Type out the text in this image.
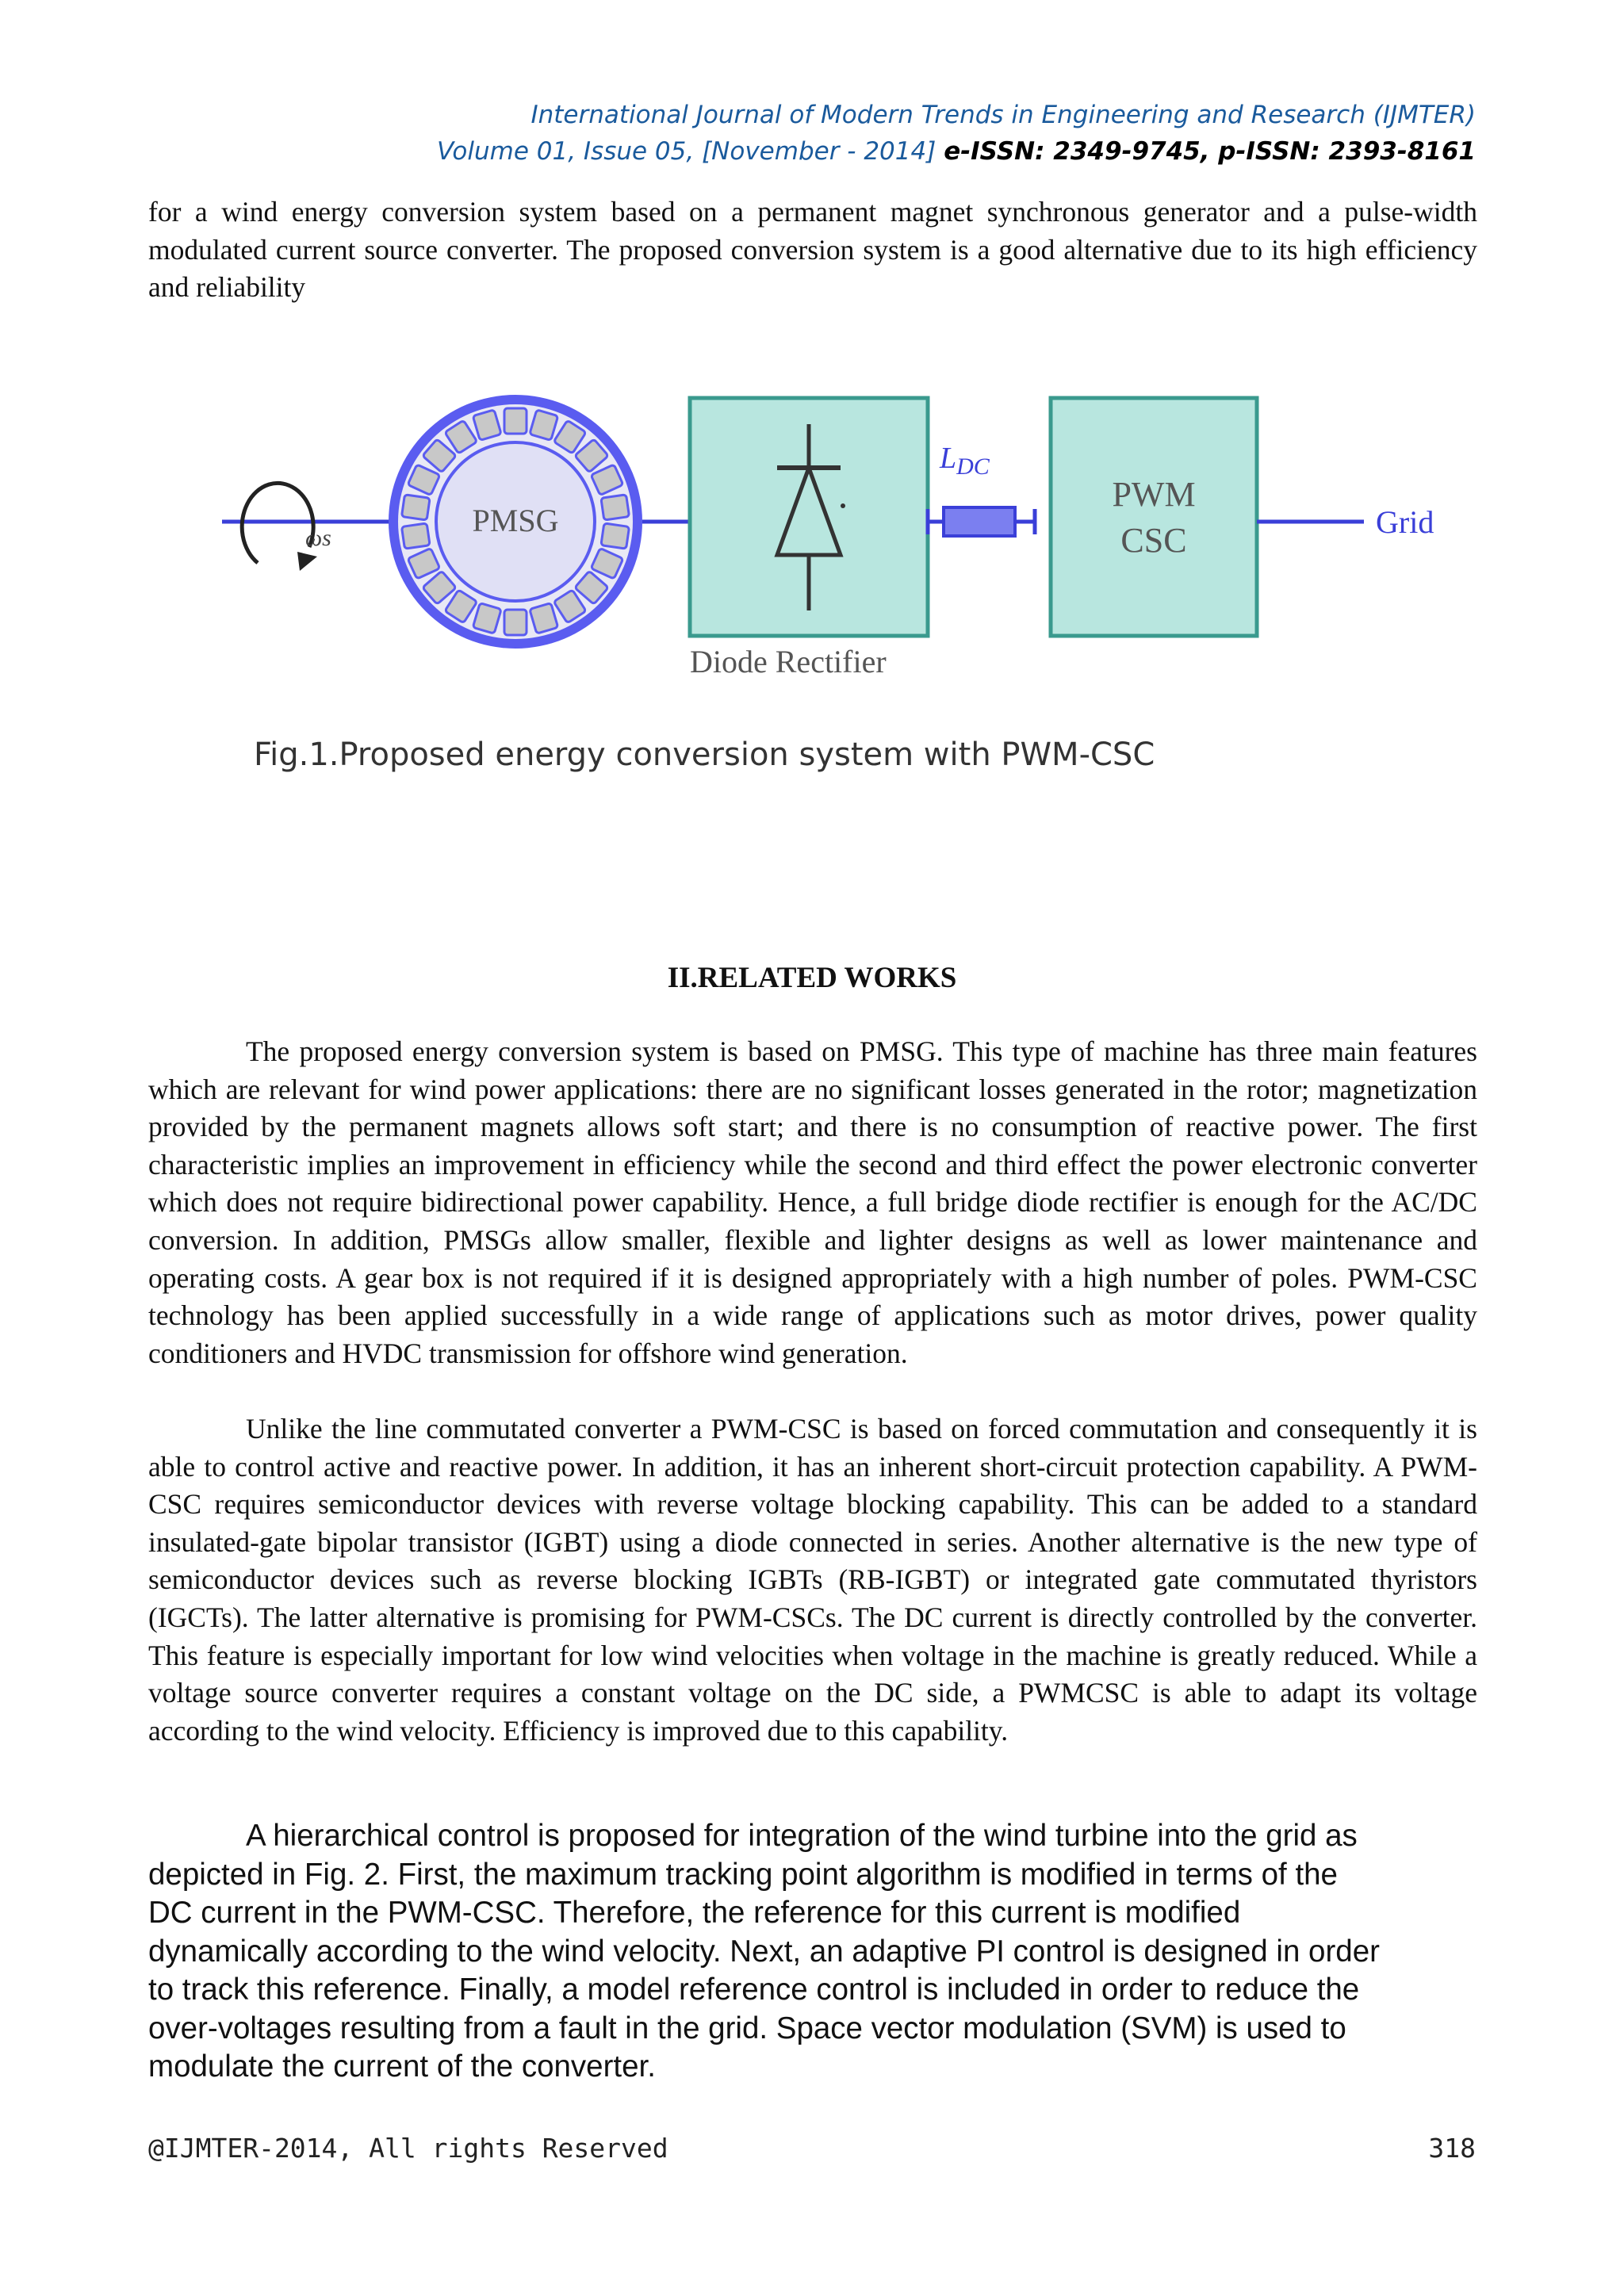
International Journal of Modern Trends in Engineering and Research (IJMTER)
Volume 01, Issue 05, [November - 2014] e-ISSN: 2349-9745, p-ISSN: 2393-8161
for a wind energy conversion system based on a permanent magnet synchronous generator and a pulse-width modulated current source converter. The proposed conversion system is a good alternative due to its high efficiency and reliability
ωs	PMSG
$L_{DC}$
PWM
CSC	Grid
Diode Rectifier
Fig.1.Proposed energy conversion system with PWM-CSC
II.RELATED WORKS
The proposed energy conversion system is based on PMSG. This type of machine has three main features which are relevant for wind power applications: there are no significant losses generated in the rotor; magnetization provided by the permanent magnets allows soft start; and there is no consumption of reactive power. The first characteristic implies an improvement in efficiency while the second and third effect the power electronic converter which does not require bidirectional power capability. Hence, a full bridge diode rectifier is enough for the AC/DC conversion. In addition, PMSGs allow smaller, flexible and lighter designs as well as lower maintenance and operating costs. A gear box is not required if it is designed appropriately with a high number of poles. PWM-CSC technology has been applied successfully in a wide range of applications such as motor drives, power quality conditioners and HVDC transmission for offshore wind generation.
Unlike the line commutated converter a PWM-CSC is based on forced commutation and consequently it is able to control active and reactive power. In addition, it has an inherent short-circuit protection capability. A PWM-CSC requires semiconductor devices with reverse voltage blocking capability. This can be added to a standard insulated-gate bipolar transistor (IGBT) using a diode connected in series. Another alternative is the new type of semiconductor devices such as reverse blocking IGBTs (RB-IGBT) or integrated gate commutated thyristors (IGCTs). The latter alternative is promising for PWM-CSCs. The DC current is directly controlled by the converter. This feature is especially important for low wind velocities when voltage in the machine is greatly reduced. While a voltage source converter requires a constant voltage on the DC side, a PWMCSC is able to adapt its voltage according to the wind velocity. Efficiency is improved due to this capability.
A hierarchical control is proposed for integration of the wind turbine into the grid as
depicted in Fig. 2. First, the maximum tracking point algorithm is modified in terms of the
DC current in the PWM-CSC. Therefore, the reference for this current is modified
dynamically according to the wind velocity. Next, an adaptive PI control is designed in order
to track this reference. Finally, a model reference control is included in order to reduce the
over-voltages resulting from a fault in the grid. Space vector modulation (SVM) is used to
modulate the current of the converter.
@IJMTER-2014, All rights Reserved	318
